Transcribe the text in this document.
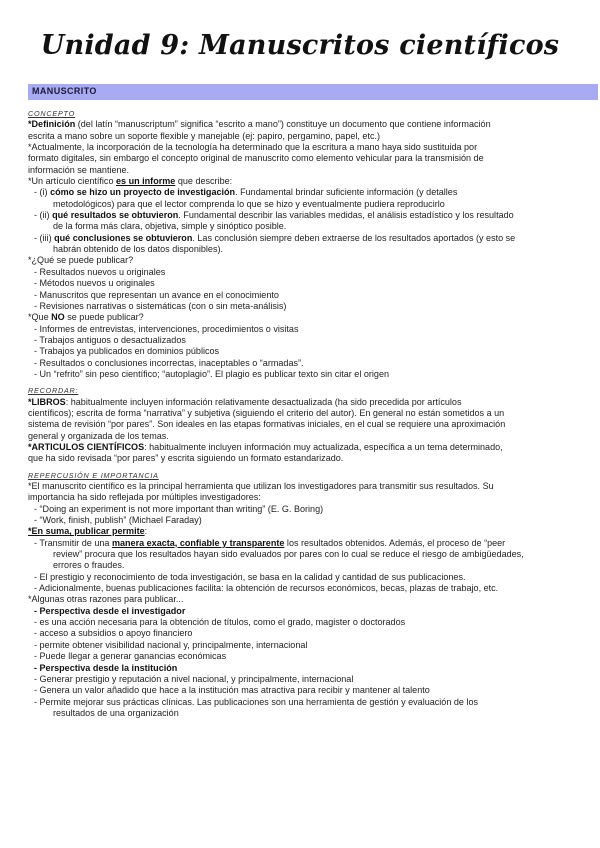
Unidad 9: Manuscritos científicos
MANUSCRITO
CONCEPTO
*Definición (del latín “manuscriptum” significa “escrito a mano”) constituye un documento que contiene información
escrita a mano sobre un soporte flexible y manejable (ej: papiro, pergamino, papel, etc.)
*Actualmente, la incorporación de la tecnología ha determinado que la escritura a mano haya sido sustituida por
formato digitales, sin embargo el concepto original de manuscrito como elemento vehicular para la transmisión de
información se mantiene.
*Un artículo científico es un informe que describe:
- (i) cómo se hizo un proyecto de investigación. Fundamental brindar suficiente información (y detalles
metodológicos) para que el lector comprenda lo que se hizo y eventualmente pudiera reproducirlo
- (ii) qué resultados se obtuvieron. Fundamental describir las variables medidas, el análisis estadístico y los resultado
de la forma más clara, objetiva, simple y sinóptico posible.
- (iii) qué conclusiones se obtuvieron. Las conclusión siempre deben extraerse de los resultados aportados (y esto se
habrán obtenido de los datos disponibles).
*¿Qué se puede publicar?
- Resultados nuevos u originales
- Métodos nuevos u originales
- Manuscritos que representan un avance en el conocimiento
- Revisiones narrativas o sistemáticas (con o sin meta-análisis)
*Que NO se puede publicar?
- Informes de entrevistas, intervenciones, procedimientos o visitas
- Trabajos antiguos o desactualizados
- Trabajos ya publicados en dominios públicos
- Resultados o conclusiones incorrectas, inaceptables o “armadas”.
- Un “refrito” sin peso científico; “autoplagio”. El plagio es publicar texto sin citar el origen
RECORDAR:
*LIBROS: habitualmente incluyen información relativamente desactualizada (ha sido precedida por artículos
científicos); escrita de forma “narrativa” y subjetiva (siguiendo el criterio del autor). En general no están sometidos a un
sistema de revisión “por pares”. Son ideales en las etapas formativas iniciales, en el cual se requiere una aproximación
general y organizada de los temas.
*ARTICULOS CIENTÍFICOS: habitualmente incluyen información muy actualizada, específica a un tema determinado,
que ha sido revisada “por pares” y escrita siguiendo un formato estandarizado.
REPERCUSIÓN E IMPORTANCIA
*El manuscrito científico es la principal herramienta que utilizan los investigadores para transmitir sus resultados. Su
importancia ha sido reflejada por múltiples investigadores:
- “Doing an experiment is not more important than writing” (E. G. Boring)
- “Work, finish, publish” (Michael Faraday)
*En suma, publicar permite:
- Transmitir de una manera exacta, confiable y transparente los resultados obtenidos. Además, el proceso de “peer
review” procura que los resultados hayan sido evaluados por pares con lo cual se reduce el riesgo de ambigüedades,
errores o fraudes.
- El prestigio y reconocimiento de toda investigación, se basa en la calidad y cantidad de sus publicaciones.
- Adicionalmente, buenas publicaciones facilita: la obtención de recursos económicos, becas, plazas de trabajo, etc.
*Algunas otras razones para publicar...
- Perspectiva desde el investigador
- es una acción necesaria para la obtención de títulos, como el grado, magister o doctorados
- acceso a subsidios o apoyo financiero
- permite obtener visibilidad nacional y, principalmente, internacional
- Puede llegar a generar ganancias económicas
- Perspectiva desde la institución
- Generar prestigio y reputación a nivel nacional, y principalmente, internacional
- Genera un valor añadido que hace a la institución mas atractiva para recibir y mantener al talento
- Permite mejorar sus prácticas clínicas. Las publicaciones son una herramienta de gestión y evaluación de los
resultados de una organización
